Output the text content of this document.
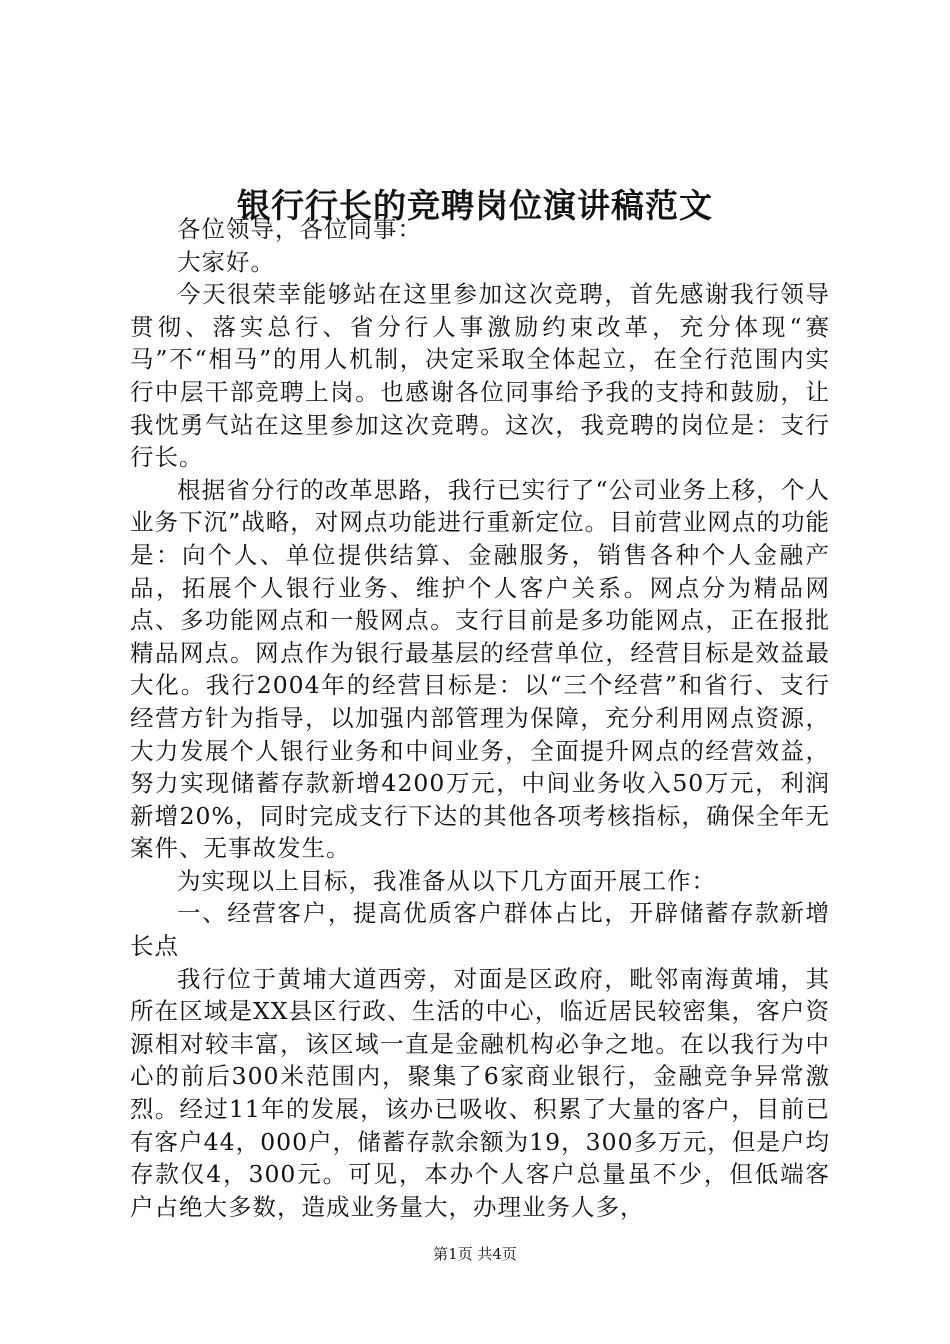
银行行长的竞聘岗位演讲稿范文

各位领导，各位同事：

大家好。

今天很荣幸能够站在这里参加这次竞聘，首先感谢我行领导贯彻、落实总行、省分行人事激励约束改革，充分体现“赛马”不“相马”的用人机制，决定采取全体起立，在全行范围内实行中层干部竞聘上岗。也感谢各位同事给予我的支持和鼓励，让我忱勇气站在这里参加这次竞聘。这次，我竞聘的岗位是：支行行长。

根据省分行的改革思路，我行已实行了“公司业务上移，个人业务下沉”战略，对网点功能进行重新定位。目前营业网点的功能是：向个人、单位提供结算、金融服务，销售各种个人金融产品，拓展个人银行业务、维护个人客户关系。网点分为精品网点、多功能网点和一般网点。支行目前是多功能网点，正在报批精品网点。网点作为银行最基层的经营单位，经营目标是效益最大化。我行2004年的经营目标是：以“三个经营”和省行、支行经营方针为指导，以加强内部管理为保障，充分利用网点资源，大力发展个人银行业务和中间业务，全面提升网点的经营效益，努力实现储蓄存款新增4200万元，中间业务收入50万元，利润新增20%，同时完成支行下达的其他各项考核指标，确保全年无案件、无事故发生。

为实现以上目标，我准备从以下几方面开展工作：

一、经营客户，提高优质客户群体占比，开辟储蓄存款新增长点

我行位于黄埔大道西旁，对面是区政府，毗邻南海黄埔，其所在区域是XX县区行政、生活的中心，临近居民较密集，客户资源相对较丰富，该区域一直是金融机构必争之地。在以我行为中心的前后300米范围内，聚集了6家商业银行，金融竞争异常激烈。经过11年的发展，该办已吸收、积累了大量的客户，目前已有客户44，000户，储蓄存款余额为19，300多万元，但是户均存款仅4，300元。可见，本办个人客户总量虽不少，但低端客户占绝大多数，造成业务量大，办理业务人多，

第1页 共4页
